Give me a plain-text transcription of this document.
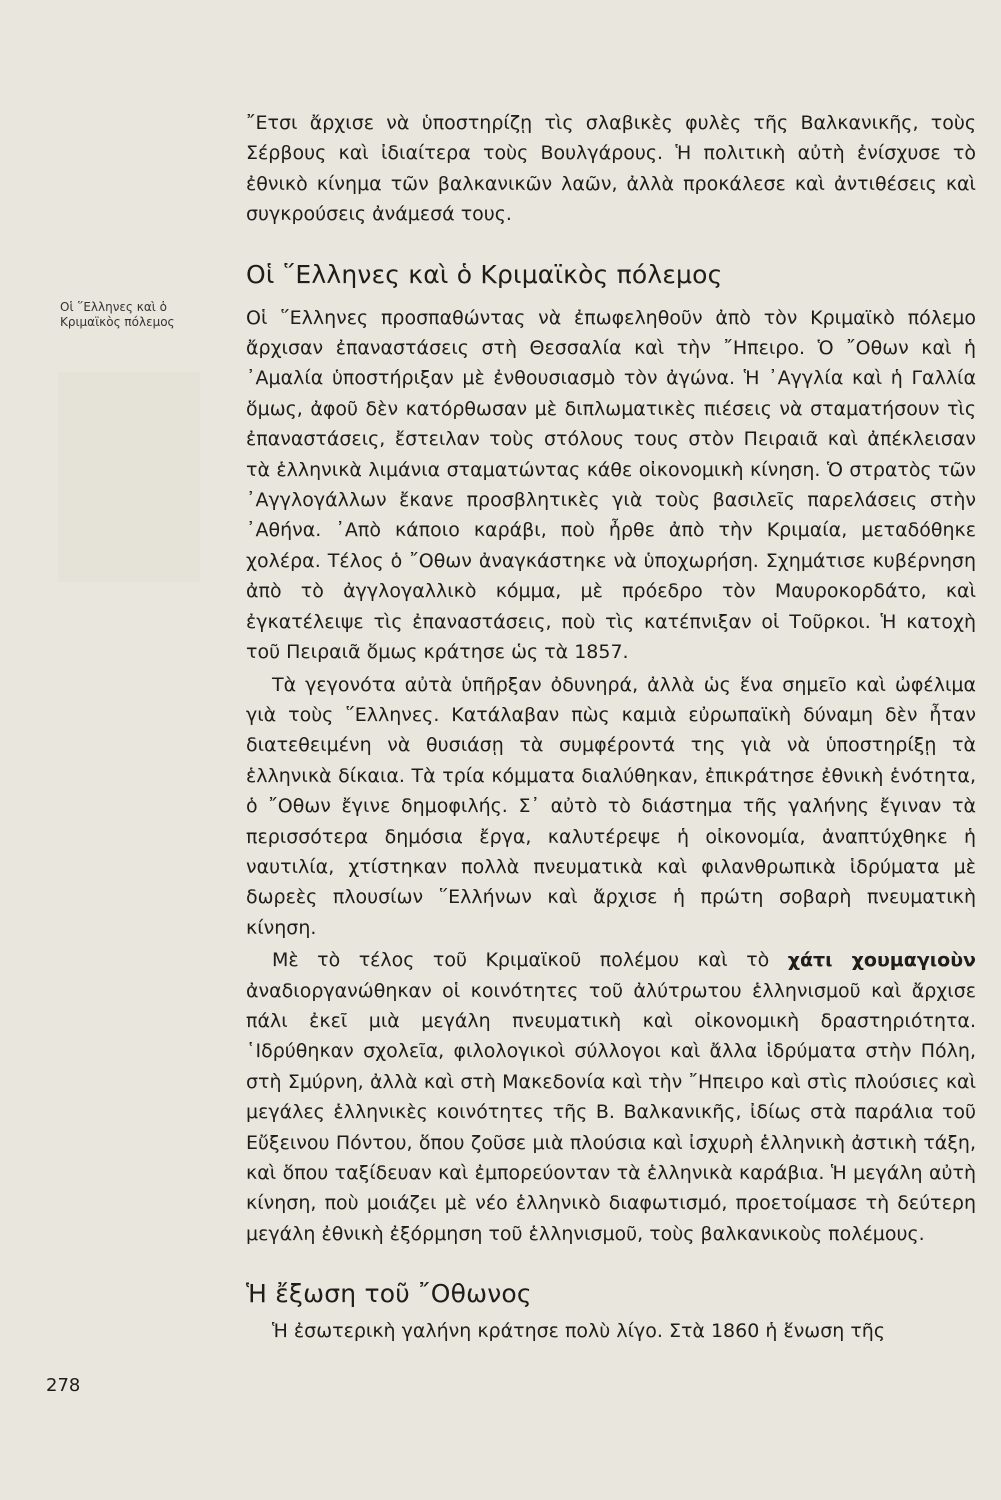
Οἱ ῞Ελληνες καὶ ὁ Κριμαϊκὸς πόλεμος

῎Ετσι ἄρχισε νὰ ὑποστηρίζῃ τὶς σλαβικὲς φυλὲς τῆς Βαλκανικῆς, τοὺς Σέρβους καὶ ἰδιαίτερα τοὺς Βουλγάρους. Ἡ πολιτικὴ αὐτὴ ἐνίσχυσε τὸ ἐθνικὸ κίνημα τῶν βαλκανικῶν λαῶν, ἀλλὰ προκάλεσε καὶ ἀντιθέσεις καὶ συγκρούσεις ἀνάμεσά τους.

Οἱ ῞Ελληνες καὶ ὁ Κριμαϊκὸς πόλεμος

Οἱ ῞Ελληνες προσπαθώντας νὰ ἐπωφεληθοῦν ἀπὸ τὸν Κριμαϊκὸ πόλεμο ἄρχισαν ἐπαναστάσεις στὴ Θεσσαλία καὶ τὴν ῎Ηπειρο. Ὁ ῎Οθων καὶ ἡ ᾿Αμαλία ὑποστήριξαν μὲ ἐνθουσιασμὸ τὸν ἀγώνα. Ἡ ᾿Αγγλία καὶ ἡ Γαλλία ὅμως, ἀφοῦ δὲν κατόρθωσαν μὲ διπλωματικὲς πιέσεις νὰ σταματήσουν τὶς ἐπαναστάσεις, ἔστειλαν τοὺς στόλους τους στὸν Πειραιᾶ καὶ ἀπέκλεισαν τὰ ἑλληνικὰ λιμάνια σταματώντας κάθε οἰκονομικὴ κίνηση. Ὁ στρατὸς τῶν ᾿Αγγλογάλλων ἔκανε προσβλητικὲς γιὰ τοὺς βασιλεῖς παρελάσεις στὴν ᾿Αθήνα. ᾿Απὸ κάποιο καράβι, ποὺ ἦρθε ἀπὸ τὴν Κριμαία, μεταδόθηκε χολέρα. Τέλος ὁ ῎Οθων ἀναγκάστηκε νὰ ὑποχωρήση. Σχημάτισε κυβέρνηση ἀπὸ τὸ ἀγγλογαλλικὸ κόμμα, μὲ πρόεδρο τὸν Μαυροκορδάτο, καὶ ἐγκατέλειψε τὶς ἐπαναστάσεις, ποὺ τὶς κατέπνιξαν οἱ Τοῦρκοι. Ἡ κατοχὴ τοῦ Πειραιᾶ ὅμως κράτησε ὡς τὰ 1857.

Τὰ γεγονότα αὐτὰ ὑπῆρξαν ὀδυνηρά, ἀλλὰ ὡς ἕνα σημεῖο καὶ ὠφέλιμα γιὰ τοὺς ῞Ελληνες. Κατάλαβαν πὼς καμιὰ εὐρωπαϊκὴ δύναμη δὲν ἦταν διατεθειμένη νὰ θυσιάσῃ τὰ συμφέροντά της γιὰ νὰ ὑποστηρίξῃ τὰ ἑλληνικὰ δίκαια. Τὰ τρία κόμματα διαλύθηκαν, ἐπικράτησε ἐθνικὴ ἑνότητα, ὁ ῎Οθων ἔγινε δημοφιλής. Σ᾿ αὐτὸ τὸ διάστημα τῆς γαλήνης ἔγιναν τὰ περισσότερα δημόσια ἔργα, καλυτέρεψε ἡ οἰκονομία, ἀναπτύχθηκε ἡ ναυτιλία, χτίστηκαν πολλὰ πνευματικὰ καὶ φιλανθρωπικὰ ἱδρύματα μὲ δωρεὲς πλουσίων ῞Ελλήνων καὶ ἄρχισε ἡ πρώτη σοβαρὴ πνευματικὴ κίνηση.

Μὲ τὸ τέλος τοῦ Κριμαϊκοῦ πολέμου καὶ τὸ χάτι χουμαγιοὺν ἀναδιοργανώθηκαν οἱ κοινότητες τοῦ ἀλύτρωτου ἑλληνισμοῦ καὶ ἄρχισε πάλι ἐκεῖ μιὰ μεγάλη πνευματικὴ καὶ οἰκονομικὴ δραστηριότητα. ῾Ιδρύθηκαν σχολεῖα, φιλολογικοὶ σύλλογοι καὶ ἄλλα ἱδρύματα στὴν Πόλη, στὴ Σμύρνη, ἀλλὰ καὶ στὴ Μακεδονία καὶ τὴν ῎Ηπειρο καὶ στὶς πλούσιες καὶ μεγάλες ἑλληνικὲς κοινότητες τῆς Β. Βαλκανικῆς, ἰδίως στὰ παράλια τοῦ Εὔξεινου Πόντου, ὅπου ζοῦσε μιὰ πλούσια καὶ ἰσχυρὴ ἑλληνικὴ ἀστικὴ τάξη, καὶ ὅπου ταξίδευαν καὶ ἐμπορεύονταν τὰ ἑλληνικὰ καράβια. Ἡ μεγάλη αὐτὴ κίνηση, ποὺ μοιάζει μὲ νέο ἑλληνικὸ διαφωτισμό, προετοίμασε τὴ δεύτερη μεγάλη ἐθνικὴ ἐξόρμηση τοῦ ἑλληνισμοῦ, τοὺς βαλκανικοὺς πολέμους.

Ἡ ἔξωση τοῦ ῎Οθωνος

Ἡ ἐσωτερικὴ γαλήνη κράτησε πολὺ λίγο. Στὰ 1860 ἡ ἕνωση τῆς

278
